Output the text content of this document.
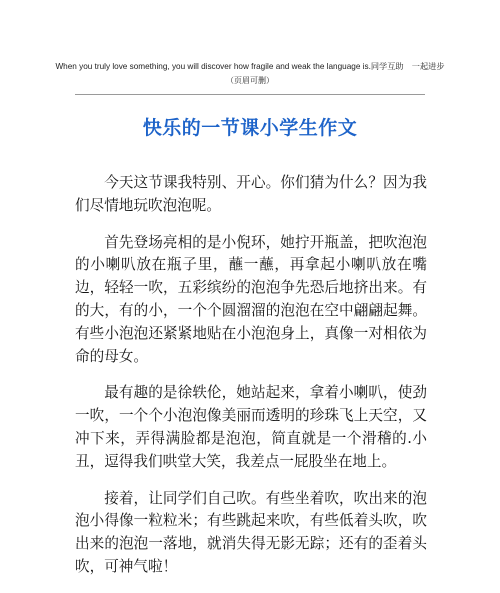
When you truly love something, you will discover how fragile and weak the language is.同学互助　一起进步
（页眉可删）
快乐的一节课小学生作文

今天这节课我特别、开心。你们猜为什么？因为我们尽情地玩吹泡泡呢。

首先登场亮相的是小倪环，她拧开瓶盖，把吹泡泡的小喇叭放在瓶子里，蘸一蘸，再拿起小喇叭放在嘴边，轻轻一吹，五彩缤纷的泡泡争先恐后地挤出来。有的大，有的小，一个个圆溜溜的泡泡在空中翩翩起舞。有些小泡泡还紧紧地贴在小泡泡身上，真像一对相依为命的母女。

最有趣的是徐轶伦，她站起来，拿着小喇叭，使劲一吹，一个个小泡泡像美丽而透明的珍珠飞上天空，又冲下来，弄得满脸都是泡泡，简直就是一个滑稽的.小丑，逗得我们哄堂大笑，我差点一屁股坐在地上。

接着，让同学们自己吹。有些坐着吹，吹出来的泡泡小得像一粒粒米；有些跳起来吹，有些低着头吹，吹出来的泡泡一落地，就消失得无影无踪；还有的歪着头吹，可神气啦！
